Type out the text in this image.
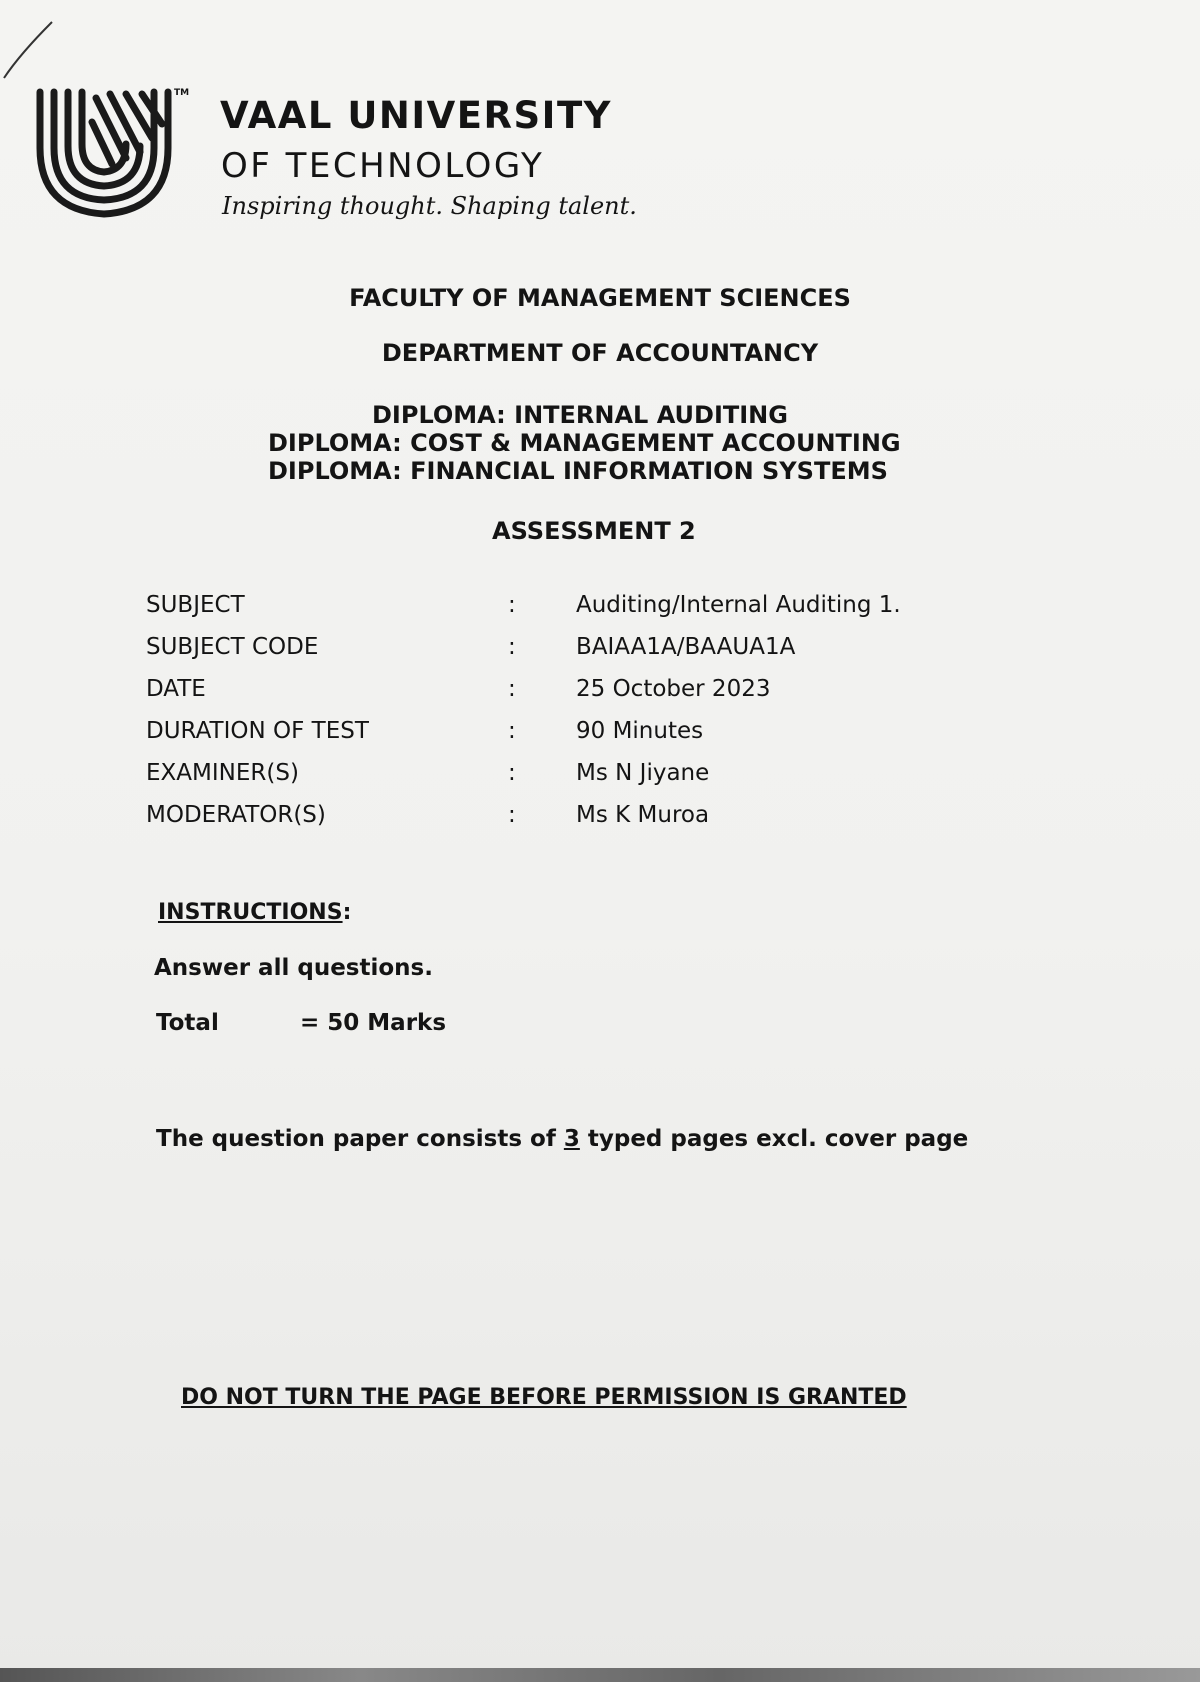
TM
VAAL UNIVERSITY
OF TECHNOLOGY
Inspiring thought. Shaping talent.
FACULTY OF MANAGEMENT SCIENCES
DEPARTMENT OF ACCOUNTANCY
DIPLOMA: INTERNAL AUDITING
DIPLOMA: COST & MANAGEMENT ACCOUNTING
DIPLOMA: FINANCIAL INFORMATION SYSTEMS
ASSESSMENT 2
SUBJECT	:	Auditing/Internal Auditing 1.
SUBJECT CODE	:	BAIAA1A/BAAUA1A
DATE	:	25 October 2023
DURATION OF TEST	:	90 Minutes
EXAMINER(S)	:	Ms N Jiyane
MODERATOR(S)	:	Ms K Muroa
INSTRUCTIONS:
Answer all questions.
Total	= 50 Marks
The question paper consists of 3 typed pages excl. cover page
DO NOT TURN THE PAGE BEFORE PERMISSION IS GRANTED
